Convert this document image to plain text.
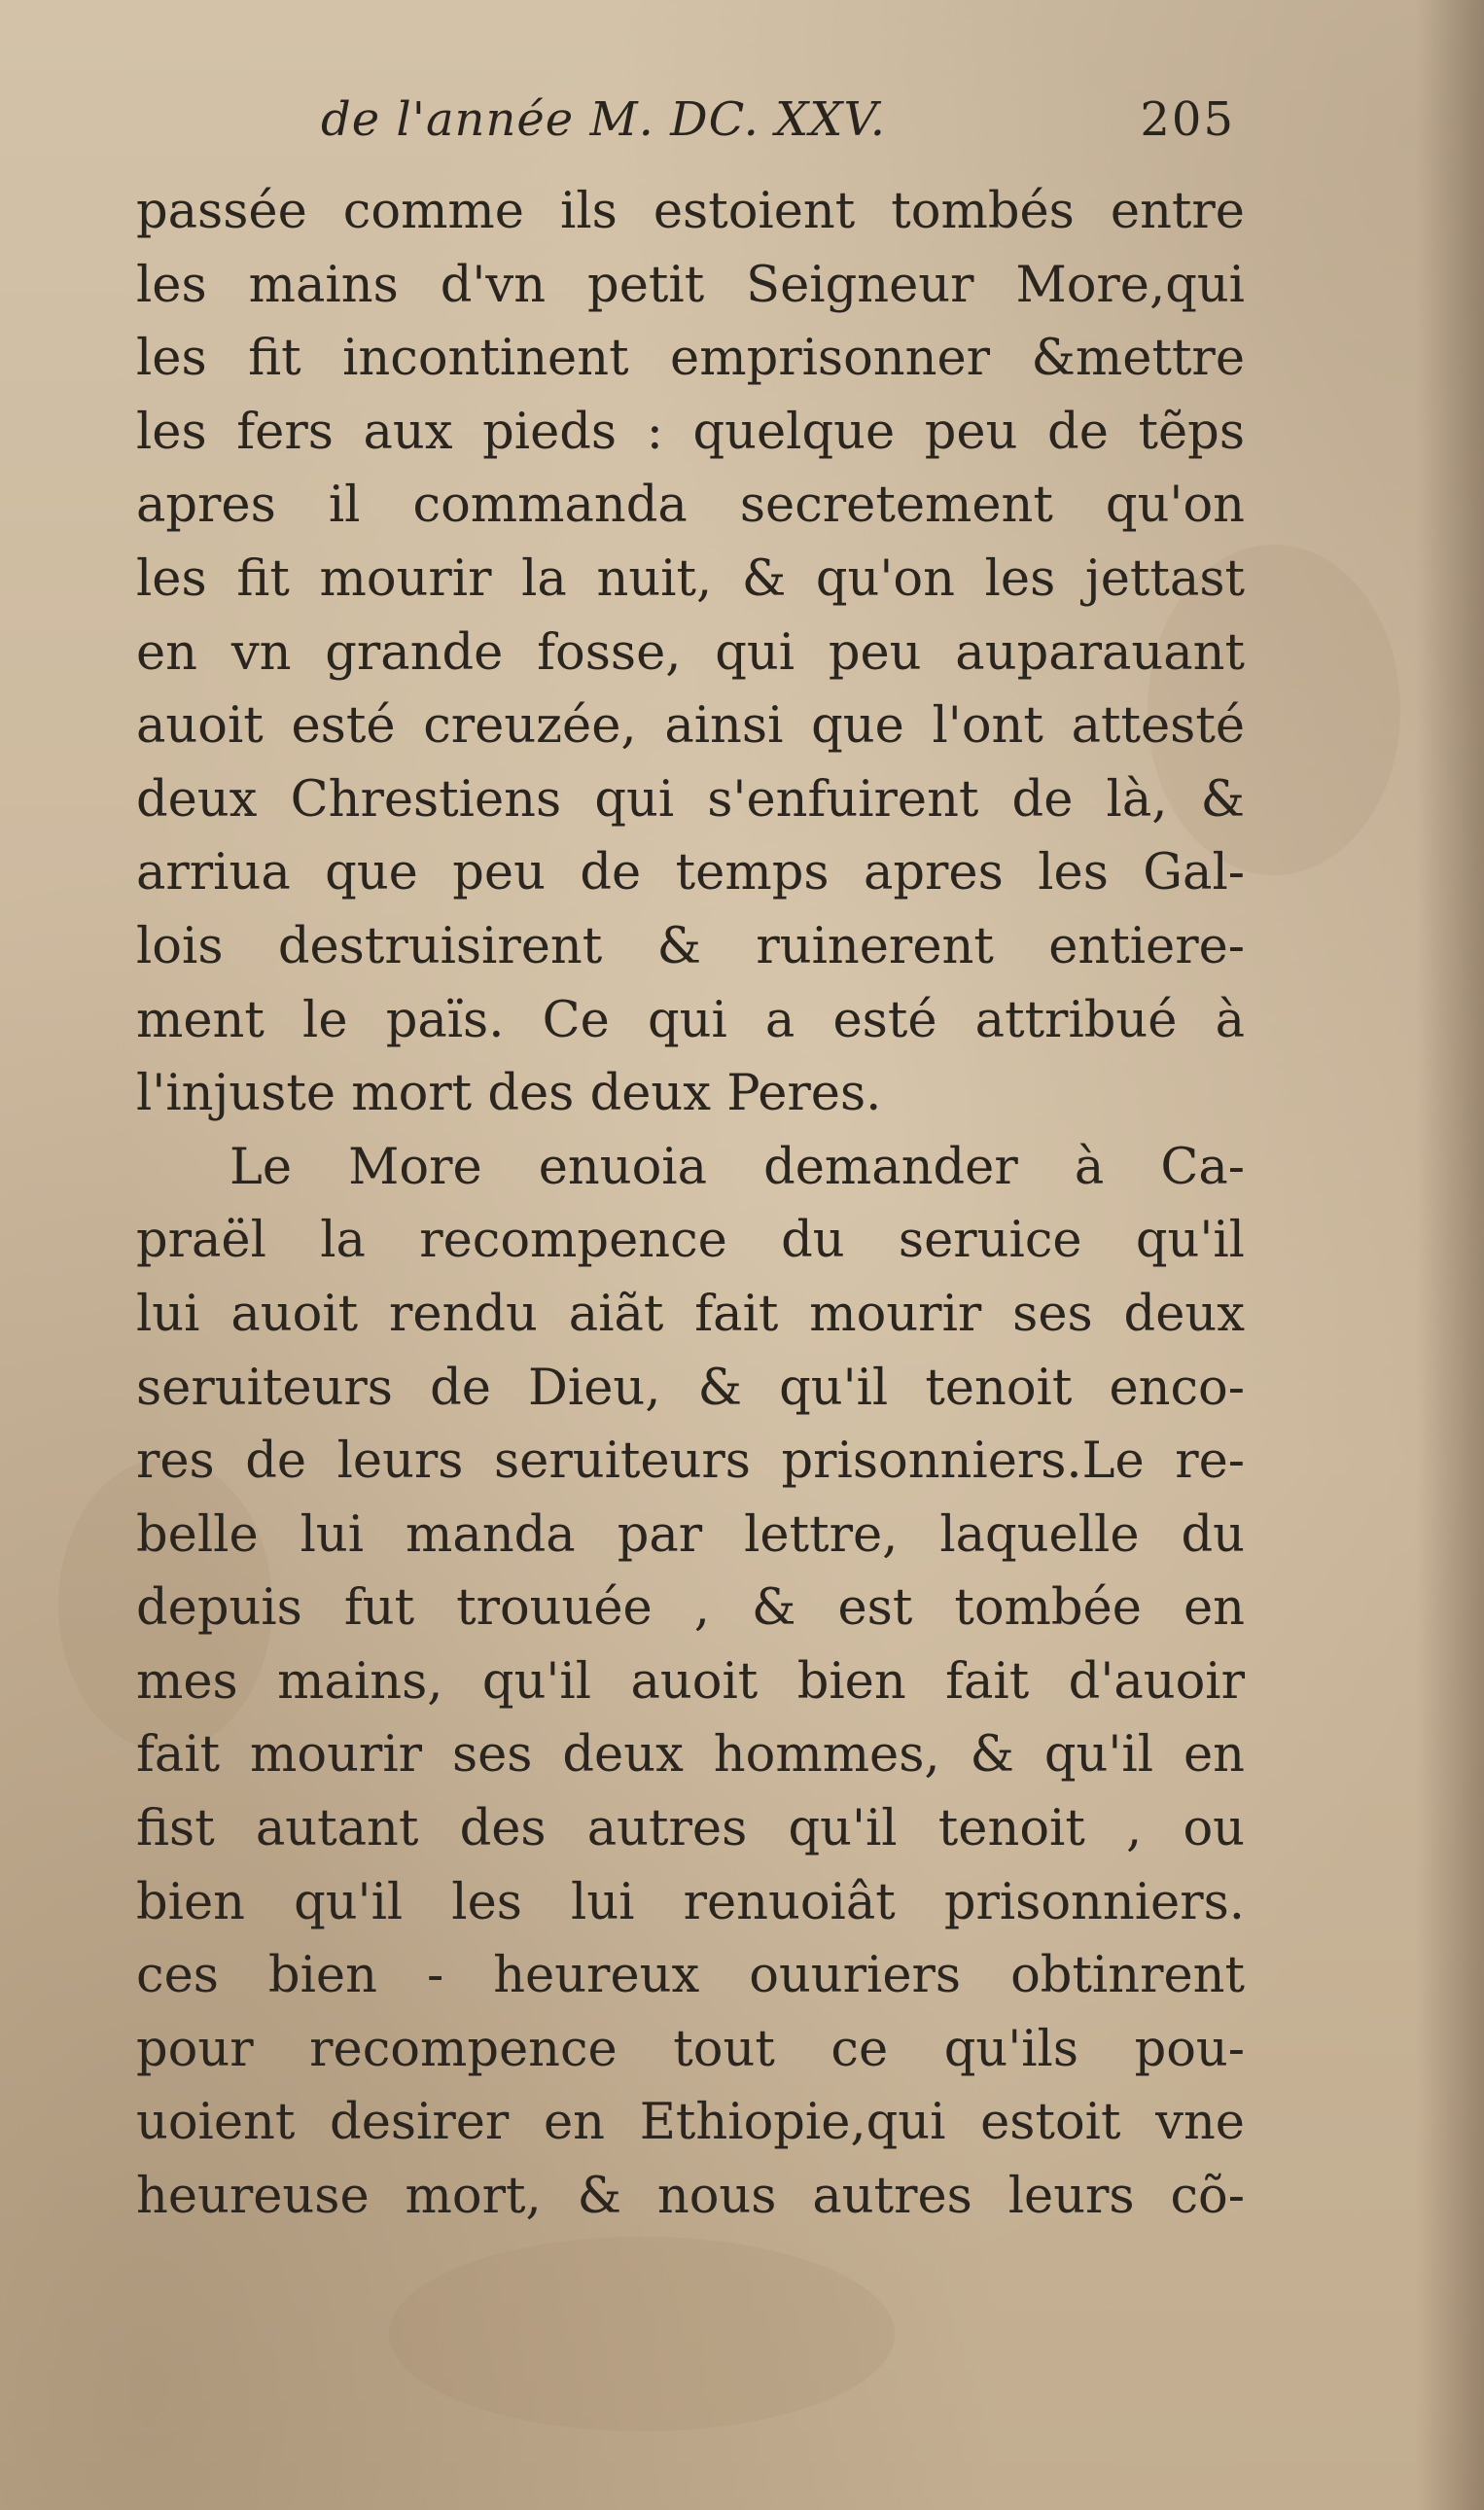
de l'année M. DC. XXV.	205
passée comme ils estoient tombés entre
les mains d'vn petit Seigneur More,qui
les fit incontinent emprisonner &mettre
les fers aux pieds : quelque peu de tẽps
apres il commanda secretement qu'on
les fit mourir la nuit, & qu'on les jettast
en vn grande fosse, qui peu auparauant
auoit esté creuzée, ainsi que l'ont attesté
deux Chrestiens qui s'enfuirent de là, &
arriua que peu de temps apres les Gal-
lois destruisirent & ruinerent entiere-
ment le païs. Ce qui a esté attribué à
l'injuste mort des deux Peres.
Le More enuoia demander à Ca-
praël la recompence du seruice qu'il
lui auoit rendu aiãt fait mourir ses deux
seruiteurs de Dieu, & qu'il tenoit enco-
res de leurs seruiteurs prisonniers.Le re-
belle lui manda par lettre, laquelle du
depuis fut trouuée , & est tombée en
mes mains, qu'il auoit bien fait d'auoir
fait mourir ses deux hommes, & qu'il en
fist autant des autres qu'il tenoit , ou
bien qu'il les lui renuoiât prisonniers.
ces bien - heureux ouuriers obtinrent
pour recompence tout ce qu'ils pou-
uoient desirer en Ethiopie,qui estoit vne
heureuse mort, & nous autres leurs cõ-
